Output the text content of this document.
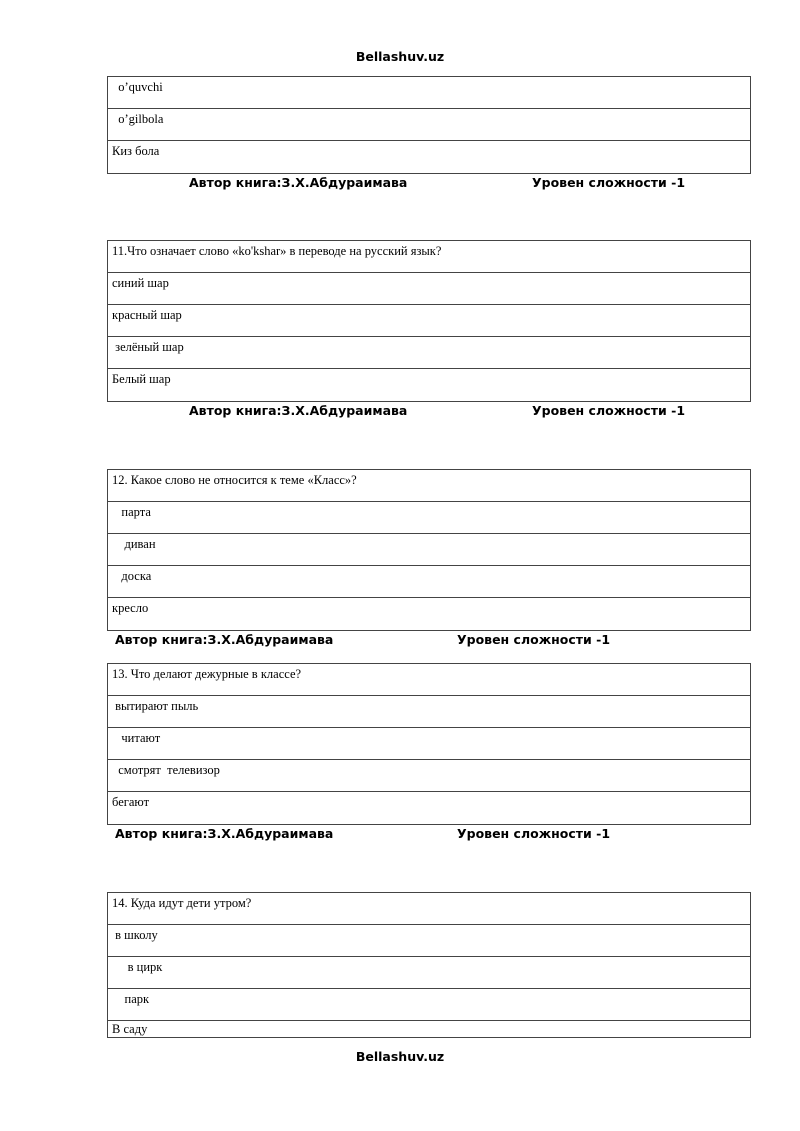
Bellashuv.uz
o’quvchi
o’gilbola
Киз бола
Автор книга:З.Х.Абдураимава	Уровен сложности -1
11.Что означает слово «ko'kshar» в переводе на русский язык?
синий шар
красный шар
зелёный шар
Белый шар
Автор книга:З.Х.Абдураимава	Уровен сложности -1
12. Какое слово не относится к теме «Класс»?
парта
диван
доска
кресло
Автор книга:З.Х.Абдураимава	Уровен сложности -1
13. Что делают дежурные в классе?
вытирают пыль
читают
смотрят  телевизор
бегают
Автор книга:З.Х.Абдураимава	Уровен сложности -1
14. Куда идут дети утром?
в школу
в цирк
парк
В саду
Bellashuv.uz
